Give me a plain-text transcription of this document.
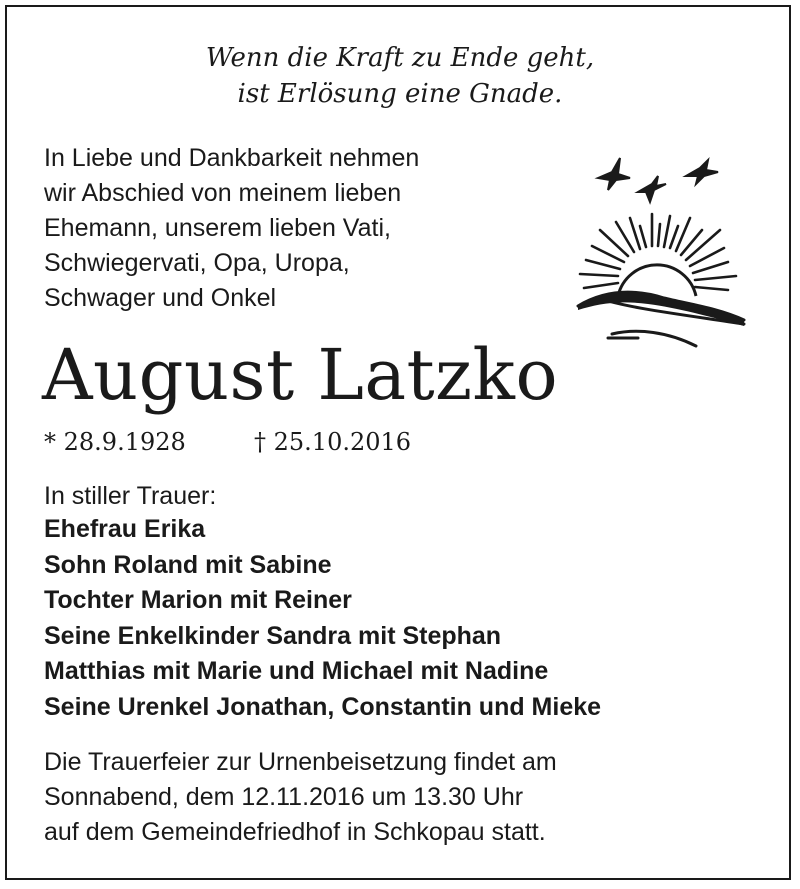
Wenn die Kraft zu Ende geht,
ist Erlösung eine Gnade.
In Liebe und Dankbarkeit nehmen
wir Abschied von meinem lieben
Ehemann, unserem lieben Vati,
Schwiegervati, Opa, Uropa,
Schwager und Onkel
August Latzko
* 28.9.1928	† 25.10.2016
In stiller Trauer:
Ehefrau Erika
Sohn Roland mit Sabine
Tochter Marion mit Reiner
Seine Enkelkinder Sandra mit Stephan
Matthias mit Marie und Michael mit Nadine
Seine Urenkel Jonathan, Constantin und Mieke
Die Trauerfeier zur Urnenbeisetzung findet am
Sonnabend, dem 12.11.2016 um 13.30 Uhr
auf dem Gemeindefriedhof in Schkopau statt.
